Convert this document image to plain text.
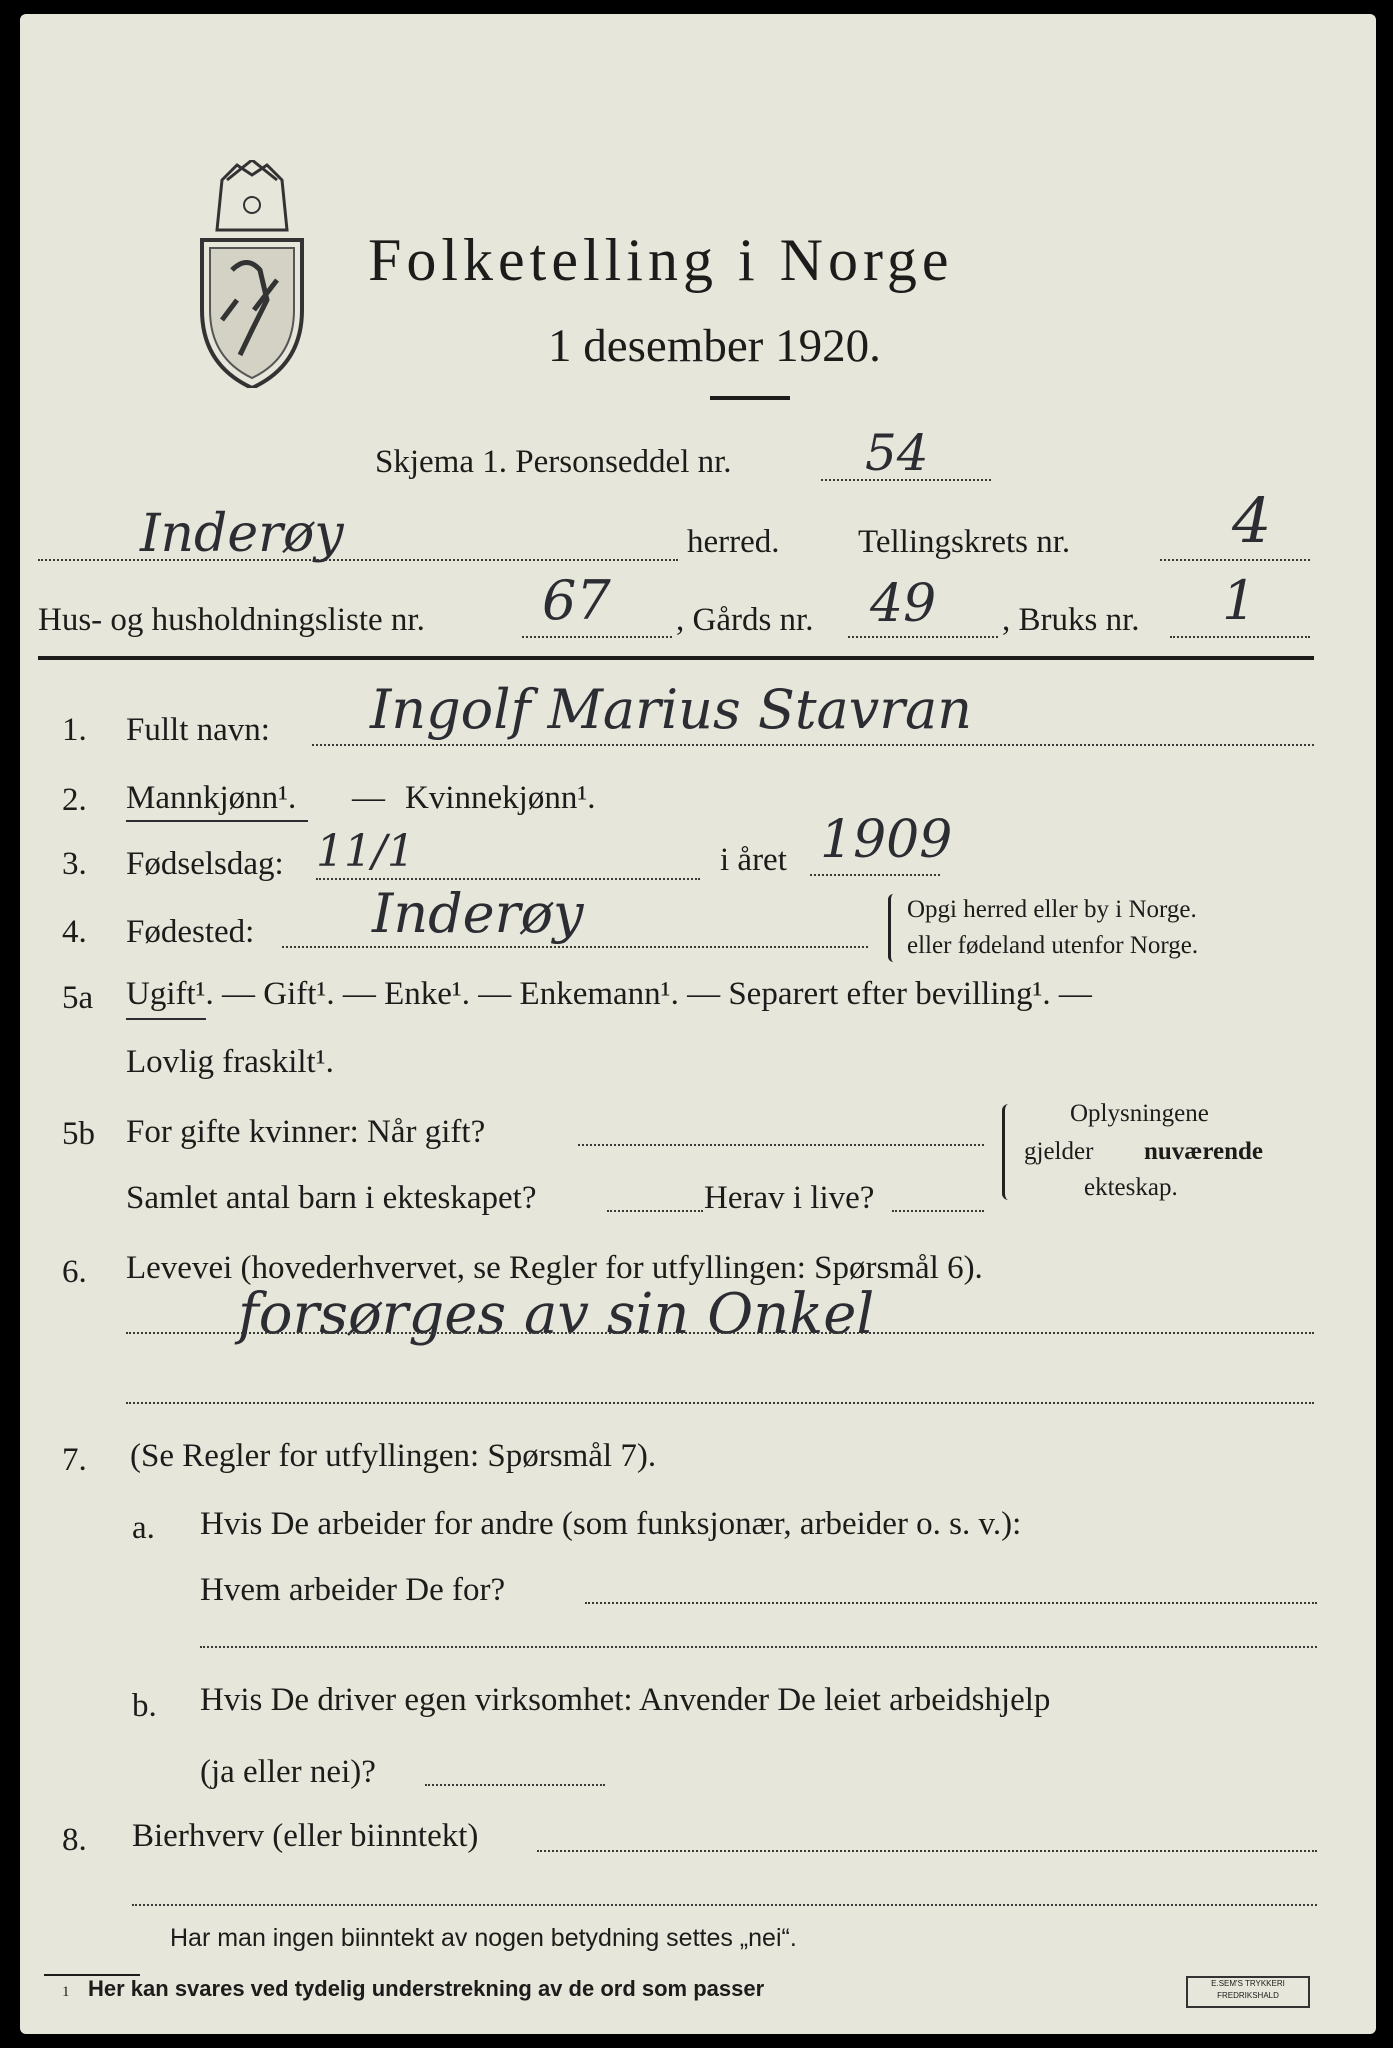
Folketelling i Norge
1 desember 1920.
Skjema 1. Personseddel nr.	54
Inderøy	herred. Tellingskrets nr.	4
Hus- og husholdningsliste nr. 67 , Gårds nr. 49 , Bruks nr. 1
1. Fullt navn: Ingolf Marius Stavran
2. Mannkjønn¹. — Kvinnekjønn¹.
3. Fødselsdag: 11/1	i året 1909
4. Fødested: Inderøy	Opgi herred eller by i Norge.
eller fødeland utenfor Norge.
5a Ugift¹. — Gift¹. — Enke¹. — Enkemann¹. — Separert efter bevilling¹. —
Lovlig fraskilt¹.
5b For gifte kvinner: Når gift?
Samlet antal barn i ekteskapet?	Herav i live?
Oplysningene
gjelder nuværende
ekteskap.
6. Levevei (hovederhvervet, se Regler for utfyllingen: Spørsmål 6).
forsørges av sin Onkel
7. (Se Regler for utfyllingen: Spørsmål 7).
a. Hvis De arbeider for andre (som funksjonær, arbeider o. s. v.):
Hvem arbeider De for?
b. Hvis De driver egen virksomhet: Anvender De leiet arbeidshjelp
(ja eller nei)?
8. Bierhverv (eller biinntekt)
Har man ingen biinntekt av nogen betydning settes „nei“.
1 Her kan svares ved tydelig understrekning av de ord som passer	E.SEM'S TRYKKERI FREDRIKSHALD
